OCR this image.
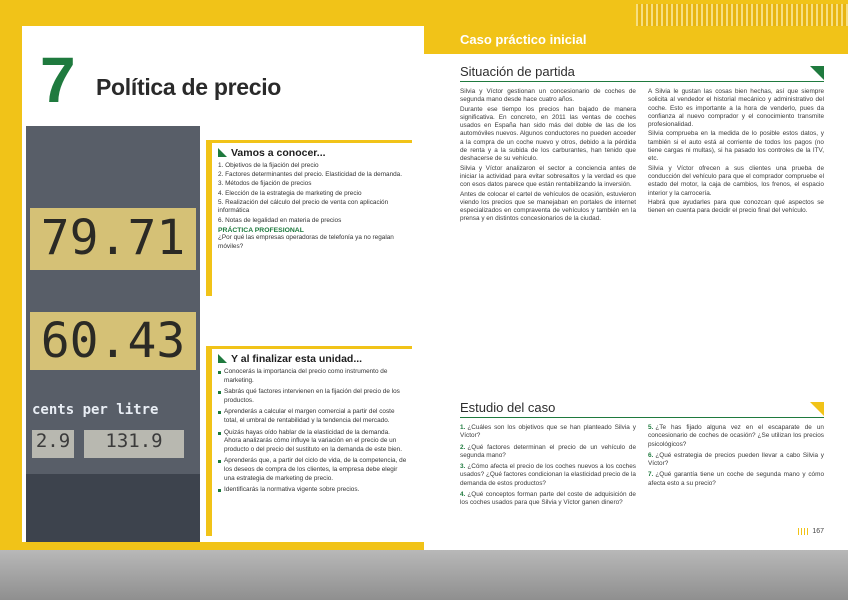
7 Política de precio
79.71
60.43
cents per litre
2.9	131.9
Vamos a conocer...
1. Objetivos de la fijación del precio
2. Factores determinantes del precio. Elasticidad de la demanda.
3. Métodos de fijación de precios
4. Elección de la estrategia de marketing de precio
5. Realización del cálculo del precio de venta con aplicación informática
6. Notas de legalidad en materia de precios
PRÁCTICA PROFESIONAL
¿Por qué las empresas operadoras de telefonía ya no regalan móviles?
Y al finalizar esta unidad...
Conocerás la importancia del precio como instrumento de marketing.
Sabrás qué factores intervienen en la fijación del precio de los productos.
Aprenderás a calcular el margen comercial a partir del coste total, el umbral de rentabilidad y la tendencia del mercado.
Quizás hayas oído hablar de la elasticidad de la demanda. Ahora analizarás cómo influye la variación en el precio de un producto o del precio del sustituto en la demanda de este bien.
Aprenderás que, a partir del ciclo de vida, de la competencia, de los deseos de compra de los clientes, la empresa debe elegir una estrategia de marketing de precio.
Identificarás la normativa vigente sobre precios.
Caso práctico inicial
Situación de partida

Silvia y Víctor gestionan un concesionario de coches de segunda mano desde hace cuatro años.

Durante ese tiempo los precios han bajado de manera significativa. En concreto, en 2011 las ventas de coches usados en España han sido más del doble de las de los automóviles nuevos. Algunos conductores no pueden acceder a la compra de un coche nuevo y otros, debido a la pérdida de renta y a la subida de los carburantes, han tenido que deshacerse de su vehículo.

Silvia y Víctor analizaron el sector a conciencia antes de iniciar la actividad para evitar sobresaltos y la verdad es que con esos datos parece que están rentabilizando la inversión.

Antes de colocar el cartel de vehículos de ocasión, estuvieron viendo los precios que se manejaban en portales de internet especializados en compraventa de vehículos y también en la prensa y en distintos concesionarios de la ciudad.

A Silvia le gustan las cosas bien hechas, así que siempre solicita al vendedor el historial mecánico y administrativo del coche. Esto es importante a la hora de venderlo, pues da confianza al nuevo comprador y el conocimiento transmite profesionalidad.

Silvia comprueba en la medida de lo posible estos datos, y también si el auto está al corriente de todos los pagos (no tiene cargas ni multas), si ha pasado los controles de la ITV, etc.

Silvia y Víctor ofrecen a sus clientes una prueba de conducción del vehículo para que el comprador compruebe el estado del motor, la caja de cambios, los frenos, el espacio interior y la carrocería.

Habrá que ayudarles para que conozcan qué aspectos se tienen en cuenta para decidir el precio final del vehículo.

Estudio del caso
1. ¿Cuáles son los objetivos que se han planteado Silvia y Víctor?
2. ¿Qué factores determinan el precio de un vehículo de segunda mano?
3. ¿Cómo afecta el precio de los coches nuevos a los coches usados? ¿Qué factores condicionan la elasticidad precio de la demanda de estos productos?
4. ¿Qué conceptos forman parte del coste de adquisición de los coches usados para que Silvia y Víctor ganen dinero?
5. ¿Te has fijado alguna vez en el escaparate de un concesionario de coches de ocasión? ¿Se utilizan los precios psicológicos?
6. ¿Qué estrategia de precios pueden llevar a cabo Silvia y Víctor?
7. ¿Qué garantía tiene un coche de segunda mano y cómo afecta esto a su precio?
167
